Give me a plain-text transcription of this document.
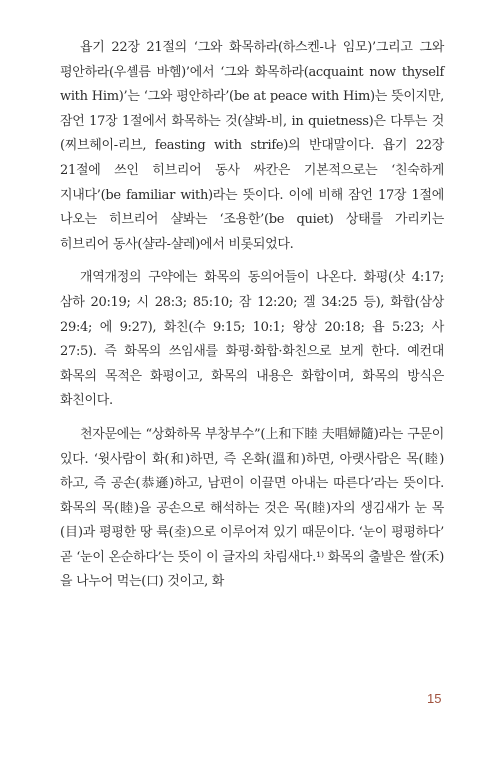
욥기 22장 21절의 ‘그와 화목하라(하스켄-나 임모)’그리고 그와 평안하라(우셸름 바헴)’에서 ‘그와 화목하라(acquaint now thyself with Him)’는 ‘그와 평안하라’(be at peace with Him)는 뜻이지만, 잠언 17장 1절에서 화목하는 것(샬봐-비, in quietness)은 다투는 것(찌브헤이-리브, feasting with strife)의 반대말이다. 욥기 22장 21절에 쓰인 히브리어 동사 싸칸은 기본적으로는 ‘친숙하게 지내다’(be familiar with)라는 뜻이다. 이에 비해 잠언 17장 1절에 나오는 히브리어 샬봐는 ‘조용한’(be quiet) 상태를 가리키는 히브리어 동사(샬라-샬레)에서 비롯되었다.

개역개정의 구약에는 화목의 동의어들이 나온다. 화평(삿 4:17; 삼하 20:19; 시 28:3; 85:10; 잠 12:20; 겔 34:25 등), 화합(삼상 29:4; 에 9:27), 화친(수 9:15; 10:1; 왕상 20:18; 욥 5:23; 사 27:5). 즉 화목의 쓰임새를 화평·화합·화친으로 보게 한다. 예컨대 화목의 목적은 화평이고, 화목의 내용은 화합이며, 화목의 방식은 화친이다.

천자문에는 “상화하목 부창부수”(上和下睦 夫唱婦隨)라는 구문이 있다. ‘윗사람이 화(和)하면, 즉 온화(溫和)하면, 아랫사람은 목(睦)하고, 즉 공손(恭遜)하고, 남편이 이끌면 아내는 따른다’라는 뜻이다. 화목의 목(睦)을 공손으로 해석하는 것은 목(睦)자의 생김새가 눈 목(目)과 평평한 땅 륙(坴)으로 이루어져 있기 때문이다. ‘눈이 평평하다’ 곧 ‘눈이 온순하다’는 뜻이 이 글자의 차림새다.¹⁾ 화목의 출발은 쌀(禾)을 나누어 먹는(口) 것이고, 화

15
